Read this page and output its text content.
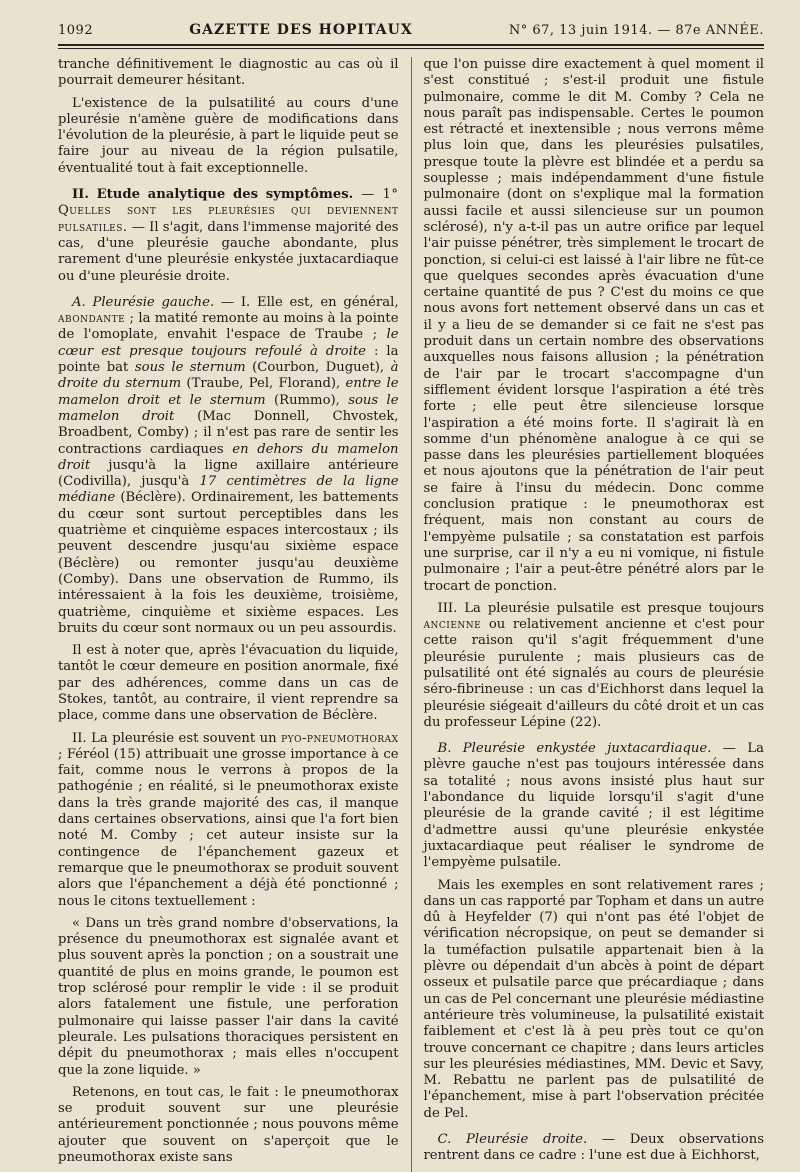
1092	GAZETTE DES HOPITAUX	N° 67, 13 juin 1914. — 87e ANNÉE.

tranche définitivement le diagnostic au cas où il pourrait demeurer hésitant.

L'existence de la pulsatilité au cours d'une pleurésie n'amène guère de modifications dans l'évolution de la pleurésie, à part le liquide peut se faire jour au niveau de la région pulsatile, éventualité tout à fait exceptionnelle.

II. Etude analytique des symptômes. — 1° Quelles sont les pleurésies qui deviennent pulsatiles. — Il s'agit, dans l'immense majorité des cas, d'une pleurésie gauche abondante, plus rarement d'une pleurésie enkystée juxtacardiaque ou d'une pleurésie droite.

A. Pleurésie gauche. — I. Elle est, en général, abondante ; la matité remonte au moins à la pointe de l'omoplate, envahit l'espace de Traube ; le cœur est presque toujours refoulé à droite : la pointe bat sous le sternum (Courbon, Duguet), à droite du sternum (Traube, Pel, Florand), entre le mamelon droit et le sternum (Rummo), sous le mamelon droit (Mac Donnell, Chvostek, Broadbent, Comby) ; il n'est pas rare de sentir les contractions cardiaques en dehors du mamelon droit jusqu'à la ligne axillaire antérieure (Codivilla), jusqu'à 17 centimètres de la ligne médiane (Béclère). Ordinairement, les battements du cœur sont surtout perceptibles dans les quatrième et cinquième espaces intercostaux ; ils peuvent descendre jusqu'au sixième espace (Béclère) ou remonter jusqu'au deuxième (Comby). Dans une observation de Rummo, ils intéressaient à la fois les deuxième, troisième, quatrième, cinquième et sixième espaces. Les bruits du cœur sont normaux ou un peu assourdis.

Il est à noter que, après l'évacuation du liquide, tantôt le cœur demeure en position anormale, fixé par des adhérences, comme dans un cas de Stokes, tantôt, au contraire, il vient reprendre sa place, comme dans une observation de Béclère.

II. La pleurésie est souvent un pyo-pneumothorax ; Féréol (15) attribuait une grosse importance à ce fait, comme nous le verrons à propos de la pathogénie ; en réalité, si le pneumothorax existe dans la très grande majorité des cas, il manque dans certaines observations, ainsi que l'a fort bien noté M. Comby ; cet auteur insiste sur la contingence de l'épanchement gazeux et remarque que le pneumothorax se produit souvent alors que l'épanchement a déjà été ponctionné ; nous le citons textuellement :

« Dans un très grand nombre d'observations, la présence du pneumothorax est signalée avant et plus souvent après la ponction ; on a soustrait une quantité de plus en moins grande, le poumon est trop sclérosé pour remplir le vide : il se produit alors fatalement une fistule, une perforation pulmonaire qui laisse passer l'air dans la cavité pleurale. Les pulsations thoraciques persistent en dépit du pneumothorax ; mais elles n'occupent que la zone liquide. »

Retenons, en tout cas, le fait : le pneumothorax se produit souvent sur une pleurésie antérieurement ponctionnée ; nous pouvons même ajouter que souvent on s'aperçoit que le pneumothorax existe sans

que l'on puisse dire exactement à quel moment il s'est constitué ; s'est-il produit une fistule pulmonaire, comme le dit M. Comby ? Cela ne nous paraît pas indispensable. Certes le poumon est rétracté et inextensible ; nous verrons même plus loin que, dans les pleurésies pulsatiles, presque toute la plèvre est blindée et a perdu sa souplesse ; mais indépendamment d'une fistule pulmonaire (dont on s'explique mal la formation aussi facile et aussi silencieuse sur un poumon sclérosé), n'y a-t-il pas un autre orifice par lequel l'air puisse pénétrer, très simplement le trocart de ponction, si celui-ci est laissé à l'air libre ne fût-ce que quelques secondes après évacuation d'une certaine quantité de pus ? C'est du moins ce que nous avons fort nettement observé dans un cas et il y a lieu de se demander si ce fait ne s'est pas produit dans un certain nombre des observations auxquelles nous faisons allusion ; la pénétration de l'air par le trocart s'accompagne d'un sifflement évident lorsque l'aspiration a été très forte ; elle peut être silencieuse lorsque l'aspiration a été moins forte. Il s'agirait là en somme d'un phénomène analogue à ce qui se passe dans les pleurésies partiellement bloquées et nous ajoutons que la pénétration de l'air peut se faire à l'insu du médecin. Donc comme conclusion pratique : le pneumothorax est fréquent, mais non constant au cours de l'empyème pulsatile ; sa constatation est parfois une surprise, car il n'y a eu ni vomique, ni fistule pulmonaire ; l'air a peut-être pénétré alors par le trocart de ponction.

III. La pleurésie pulsatile est presque toujours ancienne ou relativement ancienne et c'est pour cette raison qu'il s'agit fréquemment d'une pleurésie purulente ; mais plusieurs cas de pulsatilité ont été signalés au cours de pleurésie séro-fibrineuse : un cas d'Eichhorst dans lequel la pleurésie siégeait d'ailleurs du côté droit et un cas du professeur Lépine (22).

B. Pleurésie enkystée juxtacardiaque. — La plèvre gauche n'est pas toujours intéressée dans sa totalité ; nous avons insisté plus haut sur l'abondance du liquide lorsqu'il s'agit d'une pleurésie de la grande cavité ; il est légitime d'admettre aussi qu'une pleurésie enkystée juxtacardiaque peut réaliser le syndrome de l'empyème pulsatile.

Mais les exemples en sont relativement rares ; dans un cas rapporté par Topham et dans un autre dû à Heyfelder (7) qui n'ont pas été l'objet de vérification nécropsique, on peut se demander si la tuméfaction pulsatile appartenait bien à la plèvre ou dépendait d'un abcès à point de départ osseux et pulsatile parce que précardiaque ; dans un cas de Pel concernant une pleurésie médiastine antérieure très volumineuse, la pulsatilité existait faiblement et c'est là à peu près tout ce qu'on trouve concernant ce chapitre ; dans leurs articles sur les pleurésies médiastines, MM. Devic et Savy, M. Rebattu ne parlent pas de pulsatilité de l'épanchement, mise à part l'observation précitée de Pel.

C. Pleurésie droite. — Deux observations rentrent dans ce cadre : l'une est due à Eichhorst,
